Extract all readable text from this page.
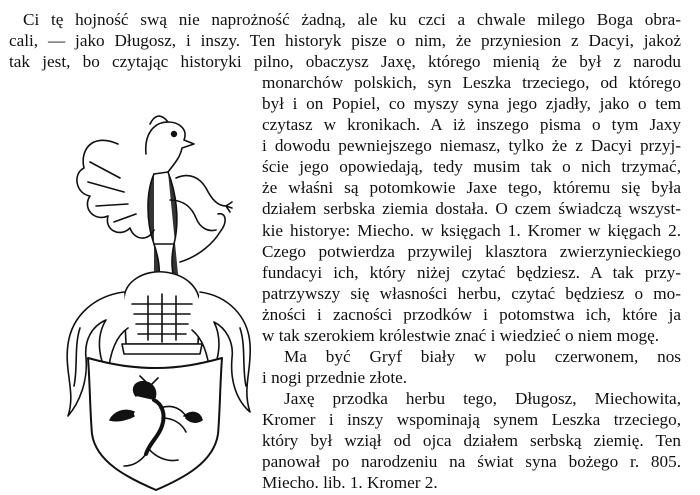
Ci tę hojność swą nie naprożność żadną, ale ku czci a chwale milego Boga obra-
cali, — jako Długosz, i inszy. Ten historyk pisze o nim, że przyniesion z Dacyi, jakoż
tak jest, bo czytając historyki pilno, obaczysz Jaxę, którego mienią że był z narodu
monarchów polskich, syn Leszka trzeciego, od którego
był i on Popiel, co myszy syna jego zjadły, jako o tem
czytasz w kronikach. A iż inszego pisma o tym Jaxy
i dowodu pewniejszego niemasz, tylko że z Dacyi przyj-
ście jego opowiedają, tedy musim tak o nich trzymać,
że właśni są potomkowie Jaxe tego, któremu się była
działem serbska ziemia dostała. O czem świadczą wszyst-
kie historye: Miecho. w księgach 1. Kromer w kięgach 2.
Czego potwierdza przywilej klasztora zwierzynieckiego
fundacyi ich, który niżej czytać będziesz. A tak przy-
patrzywszy się własności herbu, czytać będziesz o mo-
żności i zacności przodków i potomstwa ich, które ja
w tak szerokiem królestwie znać i wiedzieć o niem mogę.
Ma być Gryf biały w polu czerwonem, nos
i nogi przednie złote.
Jaxę przodka herbu tego, Długosz, Miechowita,
Kromer i inszy wspominają synem Leszka trzeciego,
który był wziął od ojca działem serbską ziemię. Ten
panował po narodzeniu na świat syna bożego r. 805.
Miecho. lib. 1. Kromer 2.
